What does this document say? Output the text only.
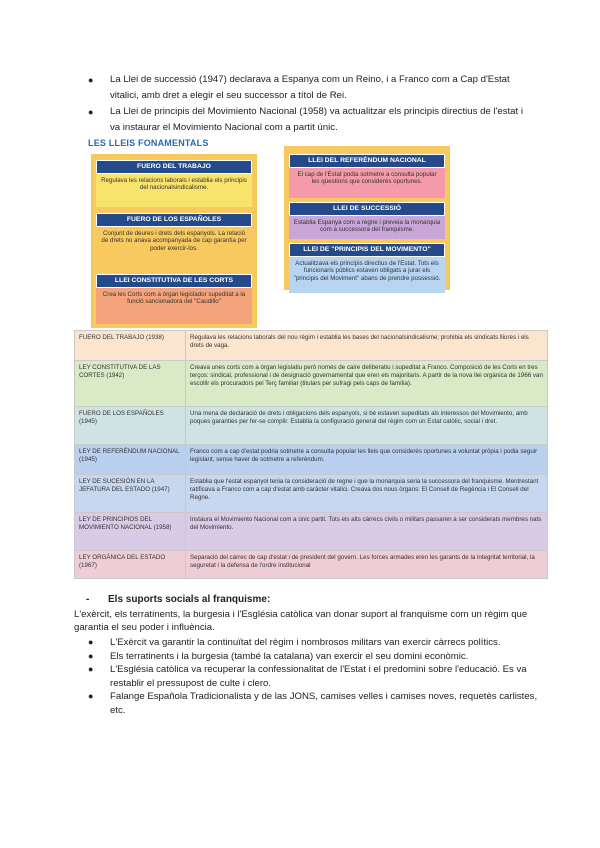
● La Llei de successió (1947) declarava a Espanya com un Reino, i a Franco com a Cap d'Estat vitalici, amb dret a elegir el seu successor a títol de Rei.

● La Llei de principis del Movimiento Nacional (1958) va actualitzar els principis directius de l'estat i va instaurar el Movimiento Nacional com a partit únic.

LES LLEIS FONAMENTALS
FUERO DEL TRABAJO
Regulava les relacions laborals i establia els principis del nacionalsindicalisme.
FUERO DE LOS ESPAÑOLES
Conjunt de deures i drets dels espanyols. La relació de drets no anava acompanyada de cap garantia per poder exercir-los.
LLEI CONSTITUTIVA DE LES CORTS
Crea les Corts com a òrgan legislador supeditat a la funció sancionadora del "Caudillo"
LLEI DEL REFERÈNDUM NACIONAL
El cap de l'Estat podia sotmetre a consulta popular les qüestions que considerés oportunes.
LLEI DE SUCCESSIÓ
Establia Espanya com a regne i preveia la monarquia com a successora del franquisme.
LLEI DE "PRINCIPIS DEL MOVIMENTO"
Actualitzava els principis directius de l'Estat. Tots els funcionaris públics estaven obligats a jurar els "principis del Moviment" abans de prendre possessió.
FUERO DEL TRABAJO (1938)	Regulava les relacions laborals del nou règim i establia les bases del nacionalsindicalisme; prohibia els sindicats lliures i els drets de vaga.
LEY CONSTITUTIVA DE LAS CORTES (1942)	Creava unes corts com a òrgan legislatiu però només de caire deliberatiu i supeditat a Franco. Composició de les Corts en tres terços: sindical, professional i de designació governamental que eren els majoritaris. A partir de la nova llei orgànica de 1966 van escollir els procuradors pel Terç familiar (titulars per sufragi pels caps de família).
FUERO DE LOS ESPAÑOLES (1945)	Una mena de declaració de drets i obligacions dels espanyols, si bé estaven supeditats als interessos del Movimiento, amb poques garanties per fer-se complir. Establia la configuració general del règim com un Estat catòlic, social i dret.
LEY DE REFERÉNDUM NACIONAL (1945)	Franco com a cap d'estat podria sotmetre a consulta popular les lleis que considerés oportunes a voluntat pròpia i podia seguir legislant, sense haver de sotmetre a referèndum.
LEY DE SUCESIÓN EN LA JEFATURA DEL ESTADO (1947)	Establia que l'estat espanyol tenia la consideració de regne i que la monarquia seria la successora del franquisme. Mentrestant ratificava a Franco com a cap d'estat amb caràcter vitalici. Creava dos nous òrgans: El Consell de Regència i El Consell del Regne.
LEY DE PRINCIPIOS DEL MOVIMIENTO NACIONAL (1958)	Instaura el Movimiento Nacional com a únic partit. Tots els alts càrrecs civils o militars passaren a ser considerats membres nats del Movimiento.
LEY ORGÀNICA DEL ESTADO (1967)	Separació del càrrec de cap d'estat i de president del govern. Les forces armades eren les garants de la integritat territorial, la seguretat i la defensa de l'ordre institucional
- Els suports socials al franquisme:

L'exèrcit, els terratinents, la burgesia i l'Església catòlica van donar suport al franquisme com un règim que garantia el seu poder i influència.

● L'Exèrcit va garantir la continuïtat del règim i nombrosos militars van exercir càrrecs polítics.

● Els terratinents i la burgesia (també la catalana) van exercir el seu domini econòmic.

● L'Església catòlica va recuperar la confessionalitat de l'Estat i el predomini sobre l'educació. Es va restablir el pressupost de culte i clero.

● Falange Española Tradicionalista y de las JONS, camises velles i camises noves, requetès carlistes, etc.
